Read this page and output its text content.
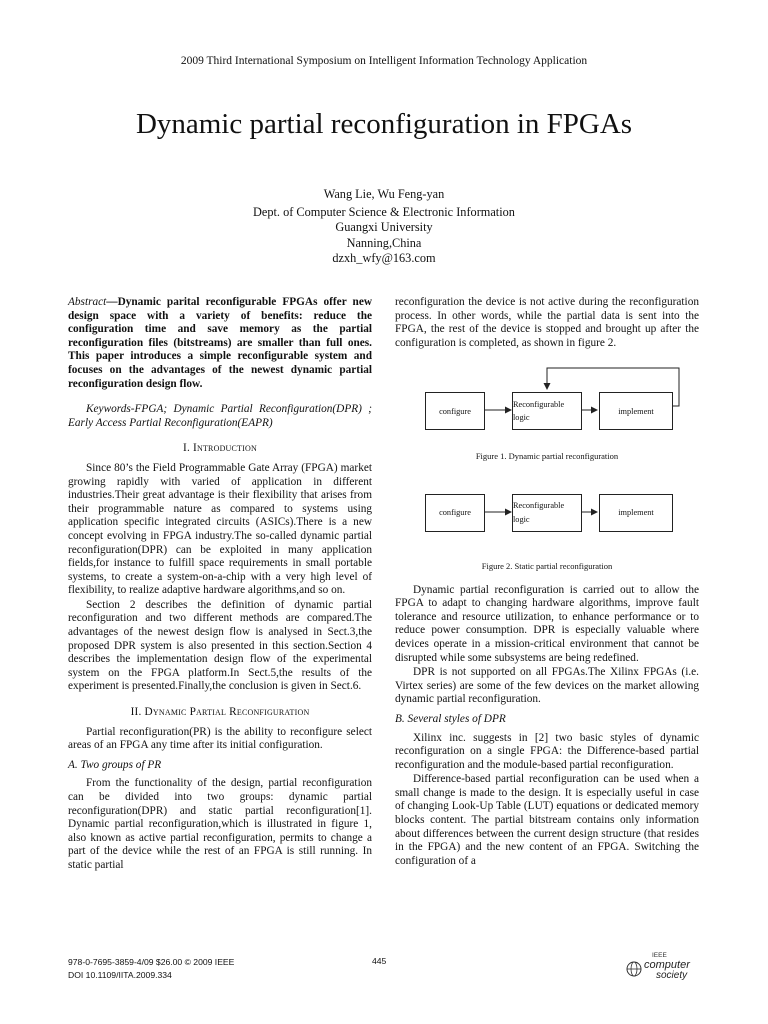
2009 Third International Symposium on Intelligent Information Technology Application
Dynamic partial reconfiguration in FPGAs
Wang Lie, Wu Feng-yan
Dept. of Computer Science & Electronic Information
Guangxi University
Nanning,China
dzxh_wfy@163.com

Abstract—Dynamic parital reconfigurable FPGAs offer new design space with a variety of benefits: reduce the configuration time and save memory as the partial reconfiguration files (bitstreams) are smaller than full ones. This paper introduces a simple reconfigurable system and focuses on the advantages of the newest dynamic partial reconfiguration design flow.

Keywords-FPGA; Dynamic Partial Reconfiguration(DPR) ; Early Access Partial Reconfiguration(EAPR)

I. Introduction

Since 80’s the Field Programmable Gate Array (FPGA) market growing rapidly with varied of application in different industries.Their great advantage is their flexibility that arises from their programmable nature as compared to systems using application specific integrated circuits (ASICs).There is a new concept evolving in FPGA industry.The so-called dynamic partial reconfiguration(DPR) can be exploited in many application fields,for instance to fulfill space requirements in small portable systems, to create a system-on-a-chip with a very high level of flexibility, to realize adaptive hardware algorithms,and so on.

Section 2 describes the definition of dynamic partial reconfiguration and two different methods are compared.The advantages of the newest design flow is analysed in Sect.3,the proposed DPR system is also presented in this section.Section 4 describes the implementation design flow of the experimental system on the FPGA platform.In Sect.5,the results of the experiment is presented.Finally,the conclusion is given in Sect.6.

II. Dynamic Partial Reconfiguration

Partial reconfiguration(PR) is the ability to reconfigure select areas of an FPGA any time after its initial configuration.

A. Two groups of PR

From the functionality of the design, partial reconfiguration can be divided into two groups: dynamic partial reconfiguration(DPR) and static partial reconfiguration[1]. Dynamic partial reconfiguration,which is illustrated in figure 1, also known as active partial reconfiguration, permits to change a part of the device while the rest of an FPGA is still running. In static partial

reconfiguration the device is not active during the reconfiguration process. In other words, while the partial data is sent into the FPGA, the rest of the device is stopped and brought up after the configuration is completed, as shown in figure 2.

configure
Reconfigurable logic
implement
Figure 1. Dynamic partial reconfiguration
configure
Reconfigurable logic
implement
Figure 2. Static partial reconfiguration

Dynamic partial reconfiguration is carried out to allow the FPGA to adapt to changing hardware algorithms, improve fault tolerance and resource utilization, to enhance performance or to reduce power consumption. DPR is especially valuable where devices operate in a mission-critical environment that cannot be disrupted while some subsystems are being redefined.

DPR is not supported on all FPGAs.The Xilinx FPGAs (i.e. Virtex series) are some of the few devices on the market allowing dynamic partial reconfiguration.

B. Several styles of DPR

Xilinx inc. suggests in [2] two basic styles of dynamic reconfiguration on a single FPGA: the Difference-based partial reconfiguration and the module-based partial reconfiguration.

Difference-based partial reconfiguration can be used when a small change is made to the design. It is especially useful in case of changing Look-Up Table (LUT) equations or dedicated memory blocks content. The partial bitstream contains only information about differences between the current design structure (that resides in the FPGA) and the new content of an FPGA. Switching the configuration of a

978-0-7695-3859-4/09 $26.00 © 2009 IEEE
DOI 10.1109/IITA.2009.334
445
IEEE
computer
society
